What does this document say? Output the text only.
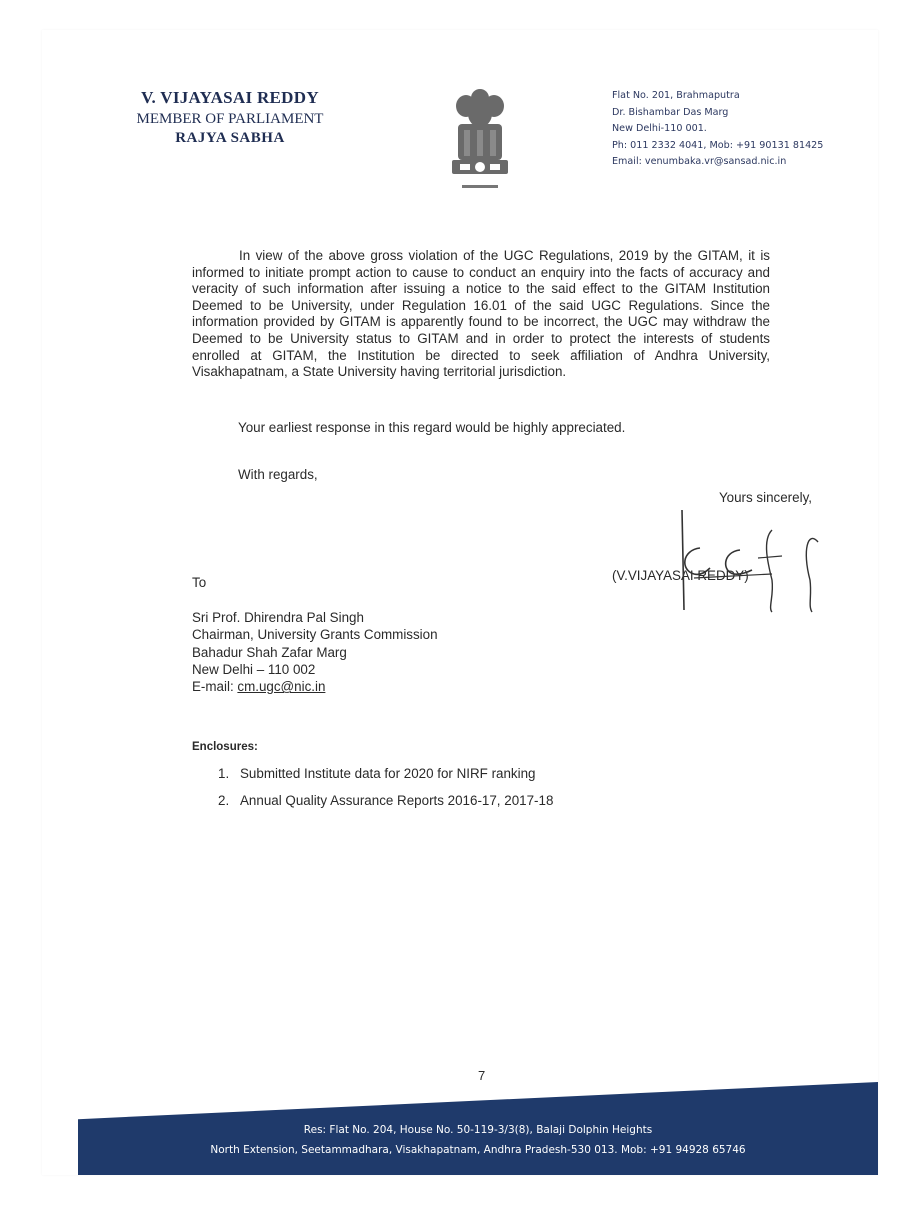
V. VIJAYASAI REDDY
MEMBER OF PARLIAMENT
RAJYA SABHA
Flat No. 201, Brahmaputra
Dr. Bishambar Das Marg
New Delhi-110 001.
Ph: 011 2332 4041, Mob: +91 90131 81425
Email: venumbaka.vr@sansad.nic.in

In view of the above gross violation of the UGC Regulations, 2019 by the GITAM, it is informed to initiate prompt action to cause to conduct an enquiry into the facts of accuracy and veracity of such information after issuing a notice to the said effect to the GITAM Institution Deemed to be University, under Regulation 16.01 of the said UGC Regulations. Since the information provided by GITAM is apparently found to be incorrect, the UGC may withdraw the Deemed to be University status to GITAM and in order to protect the interests of students enrolled at GITAM, the Institution be directed to seek affiliation of Andhra University, Visakhapatnam, a State University having territorial jurisdiction.

Your earliest response in this regard would be highly appreciated.
With regards,
Yours sincerely,
(V.VIJAYASAI REDDY)
To
Sri Prof. Dhirendra Pal Singh
Chairman, University Grants Commission
Bahadur Shah Zafar Marg
New Delhi – 110 002
E-mail: cm.ugc@nic.in
Enclosures:
1. Submitted Institute data for 2020 for NIRF ranking
2. Annual Quality Assurance Reports 2016-17, 2017-18
7
Res: Flat No. 204, House No. 50-119-3/3(8), Balaji Dolphin Heights
North Extension, Seetammadhara, Visakhapatnam, Andhra Pradesh-530 013. Mob: +91 94928 65746
